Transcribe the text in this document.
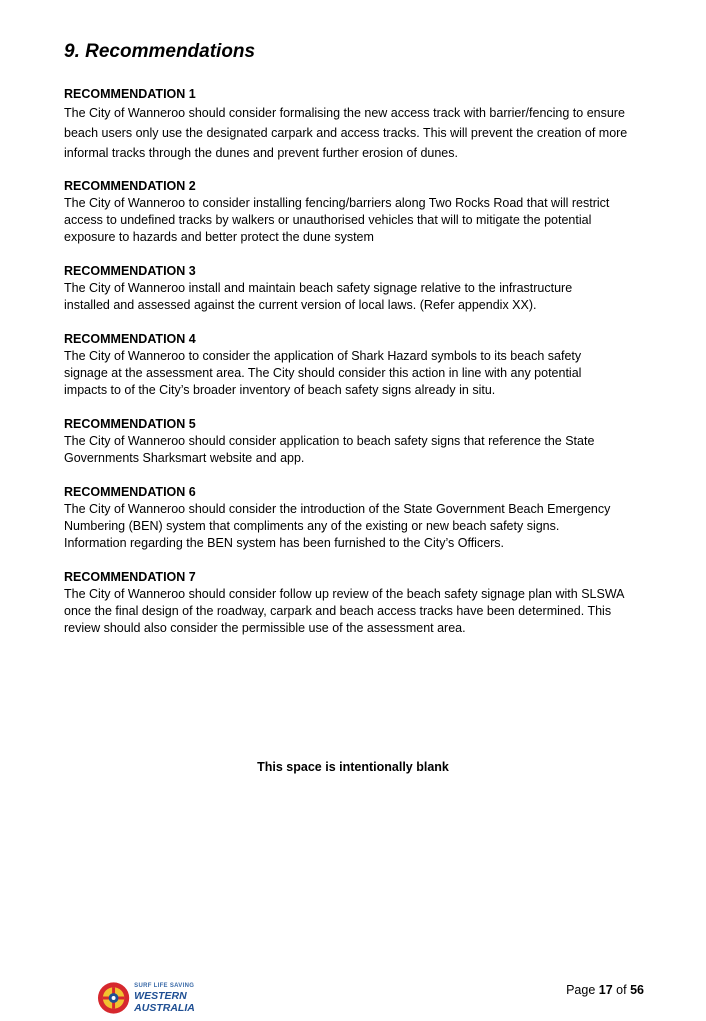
9. Recommendations
RECOMMENDATION 1
The City of Wanneroo should consider formalising the new access track with barrier/fencing to ensure
beach users only use the designated carpark and access tracks. This will prevent the creation of more
informal tracks through the dunes and prevent further erosion of dunes.
RECOMMENDATION 2
The City of Wanneroo to consider installing fencing/barriers along Two Rocks Road that will restrict
access to undefined tracks by walkers or unauthorised vehicles that will to mitigate the potential
exposure to hazards and better protect the dune system
RECOMMENDATION 3
The City of Wanneroo install and maintain beach safety signage relative to the infrastructure
installed and assessed against the current version of local laws. (Refer appendix XX).
RECOMMENDATION 4
The City of Wanneroo to consider the application of Shark Hazard symbols to its beach safety
signage at the assessment area. The City should consider this action in line with any potential
impacts to of the City’s broader inventory of beach safety signs already in situ.
RECOMMENDATION 5
The City of Wanneroo should consider application to beach safety signs that reference the State
Governments Sharksmart website and app.
RECOMMENDATION 6
The City of Wanneroo should consider the introduction of the State Government Beach Emergency
Numbering (BEN) system that compliments any of the existing or new beach safety signs.
Information regarding the BEN system has been furnished to the City’s Officers.
RECOMMENDATION 7
The City of Wanneroo should consider follow up review of the beach safety signage plan with SLSWA
once the final design of the roadway, carpark and beach access tracks have been determined. This
review should also consider the permissible use of the assessment area.
This space is intentionally blank
SURF LIFE SAVING
WESTERN AUSTRALIA
Page 17 of 56
